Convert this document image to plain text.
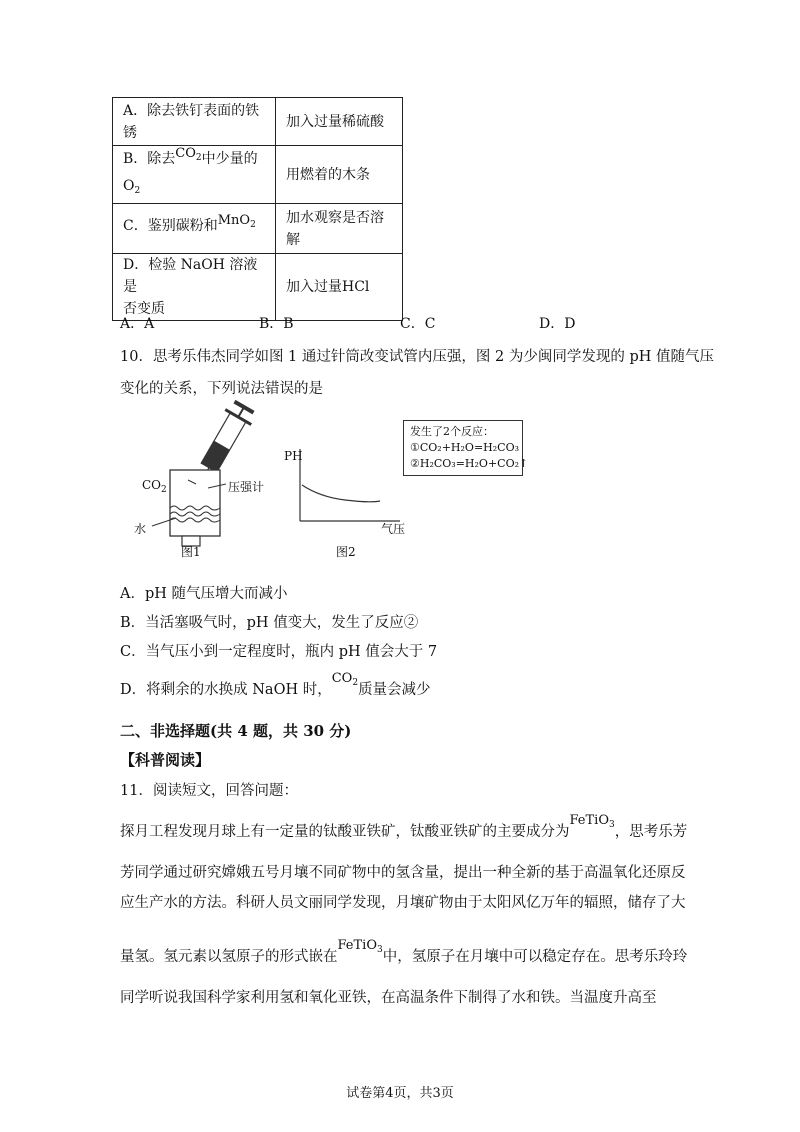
A．除去铁钉表面的铁
锈	加入过量稀硫酸

B．除去$CO_2$中少量的
$O_2$	用燃着的木条
C．鉴别碳粉和MnO$_2$	加水观察是否溶解

D．检验 NaOH 溶液是
否变质	加入过量HCl
A．A	B．B	C．C	D．D
10．思考乐伟杰同学如图 1 通过针筒改变试管内压强，图 2 为少闽同学发现的 pH 值随气压
变化的关系，下列说法错误的是
$CO_2$	压强计
水
图1
PH
气压
图2
发生了2个反应：
①CO₂+H₂O=H₂CO₃
②H₂CO₃=H₂O+CO₂↑
A．pH 随气压增大而减小
B．当活塞吸气时，pH 值变大，发生了反应②
C．当气压小到一定程度时，瓶内 pH 值会大于 7
D．将剩余的水换成 NaOH 时，$CO_2$质量会减少
二、非选择题(共 4 题，共 30 分)
【科普阅读】
11．阅读短文，回答问题：
探月工程发现月球上有一定量的钛酸亚铁矿，钛酸亚铁矿的主要成分为FeTiO$_3$，思考乐芳
芳同学通过研究嫦娥五号月壤不同矿物中的氢含量，提出一种全新的基于高温氧化还原反
应生产水的方法。科研人员文丽同学发现，月壤矿物由于太阳风亿万年的辐照，储存了大
量氢。氢元素以氢原子的形式嵌在FeTiO$_3$中，氢原子在月壤中可以稳定存在。思考乐玲玲
同学听说我国科学家利用氢和氧化亚铁，在高温条件下制得了水和铁。当温度升高至
试卷第4页，共3页
